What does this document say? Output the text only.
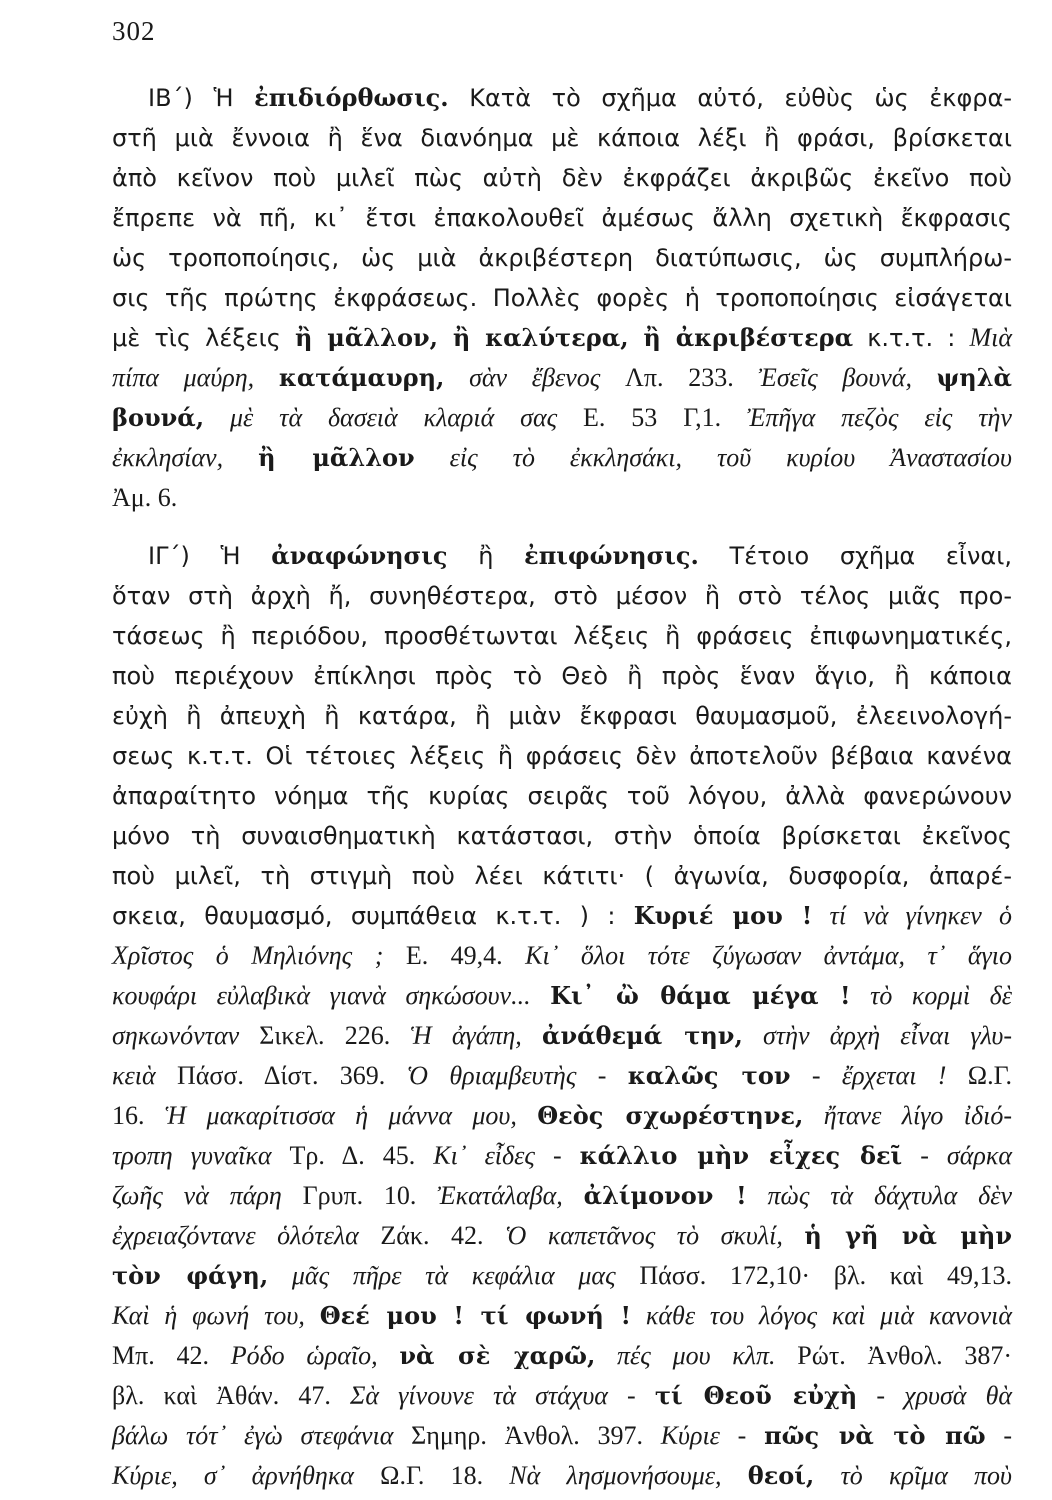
302
ΙΒ΄) Ἡ ἐπιδιόρθωσις. Κατὰ τὸ σχῆμα αὐτό, εὐθὺς ὡς ἐκφρα-
στῆ μιὰ ἔννοια ἢ ἕνα διανόημα μὲ κάποια λέξι ἢ φράσι, βρίσκεται
ἀπὸ κεῖνον ποὺ μιλεῖ πὼς αὐτὴ δὲν ἐκφράζει ἀκριβῶς ἐκεῖνο ποὺ
ἔπρεπε νὰ πῆ, κι᾽ ἔτσι ἐπακολουθεῖ ἀμέσως ἄλλη σχετικὴ ἔκφρασις
ὡς τροποποίησις, ὡς μιὰ ἀκριβέστερη διατύπωσις, ὡς συμπλήρω-
σις τῆς πρώτης ἐκφράσεως. Πολλὲς φορὲς ἡ τροποποίησις εἰσάγεται
μὲ τὶς λέξεις ἢ μᾶλλον, ἢ καλύτερα, ἢ ἀκριβέστερα κ.τ.τ. : Μιὰ
πίπα μαύρη, κατάμαυρη, σὰν ἔβενος Λπ. 233. Ἐσεῖς βουνά, ψηλὰ
βουνά, μὲ τὰ δασειὰ κλαριά σας Ε. 53 Γ,1. Ἐπῆγα πεζὸς εἰς τὴν
ἐκκλησίαν, ἢ μᾶλλον εἰς τὸ ἐκκλησάκι, τοῦ κυρίου Ἀναστασίου
Ἀμ. 6.
ΙΓ΄) Ἡ ἀναφώνησις ἢ ἐπιφώνησις. Τέτοιο σχῆμα εἶναι,
ὅταν στὴ ἀρχὴ ἤ, συνηθέστερα, στὸ μέσον ἢ στὸ τέλος μιᾶς προ-
τάσεως ἢ περιόδου, προσθέτωνται λέξεις ἢ φράσεις ἐπιφωνηματικές,
ποὺ περιέχουν ἐπίκλησι πρὸς τὸ Θεὸ ἢ πρὸς ἕναν ἅγιο, ἢ κάποια
εὐχὴ ἢ ἀπευχὴ ἢ κατάρα, ἢ μιὰν ἔκφρασι θαυμασμοῦ, ἐλεεινολογή-
σεως κ.τ.τ. Οἱ τέτοιες λέξεις ἢ φράσεις δὲν ἀποτελοῦν βέβαια κανένα
ἀπαραίτητο νόημα τῆς κυρίας σειρᾶς τοῦ λόγου, ἀλλὰ φανερώνουν
μόνο τὴ συναισθηματικὴ κατάστασι, στὴν ὁποία βρίσκεται ἐκεῖνος
ποὺ μιλεῖ, τὴ στιγμὴ ποὺ λέει κάτιτι· ( ἀγωνία, δυσφορία, ἀπαρέ-
σκεια, θαυμασμό, συμπάθεια κ.τ.τ. ) : Κυριέ μου ! τί νὰ γίνηκεν ὁ
Χρῖστος ὁ Μηλιόνης ; Ε. 49,4. Κι᾽ ὅλοι τότε ζύγωσαν ἀντάμα, τ᾽ ἅγιο
κουφάρι εὐλαβικὰ γιανὰ σηκώσουν... Κι᾽ ὢ θάμα μέγα ! τὸ κορμὶ δὲ
σηκωνόνταν Σικελ. 226. Ἡ ἀγάπη, ἀνάθεμά την, στὴν ἀρχὴ εἶναι γλυ-
κειὰ Πάσσ. Δίστ. 369. Ὁ θριαμβευτὴς - καλῶς τον - ἔρχεται ! Ω.Γ.
16. Ἡ μακαρίτισσα ἡ μάννα μου, Θεὸς σχωρέστηνε, ἤτανε λίγο ἰδιό-
τροπη γυναῖκα Τρ. Δ. 45. Κι᾽ εἶδες - κάλλιο μὴν εἶχες δεῖ - σάρκα
ζωῆς νὰ πάρη Γρυπ. 10. Ἐκατάλαβα, ἀλίμονον ! πὼς τὰ δάχτυλα δὲν
ἐχρειαζόντανε ὁλότελα Ζάκ. 42. Ὁ καπετᾶνος τὸ σκυλί, ἡ γῆ νὰ μὴν
τὸν φάγη, μᾶς πῆρε τὰ κεφάλια μας Πάσσ. 172,10· βλ. καὶ 49,13.
Καὶ ἡ φωνή του, Θεέ μου ! τί φωνή ! κάθε του λόγος καὶ μιὰ κανονιὰ
Μπ. 42. Ρόδο ὡραῖο, νὰ σὲ χαρῶ, πές μου κλπ. Ρώτ. Ἀνθολ. 387·
βλ. καὶ Ἀθάν. 47. Σὰ γίνουνε τὰ στάχυα - τί Θεοῦ εὐχὴ - χρυσὰ θὰ
βάλω τότ᾽ ἐγὼ στεφάνια Σημηρ. Ἀνθολ. 397. Κύριε - πῶς νὰ τὸ πῶ -
Κύριε, σ᾽ ἀρνήθηκα Ω.Γ. 18. Νὰ λησμονήσουμε, θεοί, τὸ κρῖμα ποὺ
